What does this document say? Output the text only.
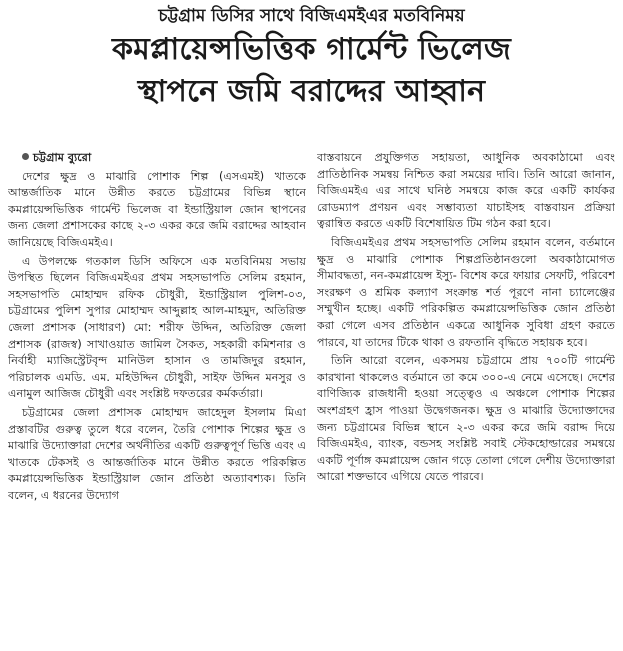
চট্টগ্রাম ডিসির সাথে বিজিএমইএর মতবিনিময়
কমপ্লায়েন্সভিত্তিক গার্মেন্ট ভিলেজ
স্থাপনে জমি বরাদ্দের আহ্বান

চট্টগ্রাম ব্যুরো

দেশের ক্ষুদ্র ও মাঝারি পোশাক শিল্প (এসএমই) খাতকে আন্তর্জাতিক মানে উন্নীত করতে চট্টগ্রামের বিভিন্ন স্থানে কমপ্লায়েন্সভিত্তিক গার্মেন্ট ভিলেজ বা ইন্ডাস্ট্রিয়াল জোন স্থাপনের জন্য জেলা প্রশাসকের কাছে ২-৩ একর করে জমি বরাদ্দের আহবান জানিয়েছে বিজিএমইএ।

এ উপলক্ষে গতকাল ডিসি অফিসে এক মতবিনিময় সভায় উপস্থিত ছিলেন বিজিএমইএর প্রথম সহসভাপতি সেলিম রহমান, সহসভাপতি মোহাম্মদ রফিক চৌধুরী, ইন্ডাস্ট্রিয়াল পুলিশ-০৩, চট্টগ্রামের পুলিশ সুপার মোহাম্মদ আব্দুল্লাহ আল-মাহমুদ, অতিরিক্ত জেলা প্রশাসক (সাধারণ) মো: শরীফ উদ্দিন, অতিরিক্ত জেলা প্রশাসক (রাজস্ব) সাখাওয়াত জামিল সৈকত, সহকারী কমিশনার ও নির্বাহী ম্যাজিস্ট্রেটবৃন্দ মানিউল হাসান ও তামজিদুর রহমান, পরিচালক এমডি. এম. মহিউদ্দিন চৌধুরী, সাইফ উদ্দিন মনসুর ও এনামুল আজিজ চৌধুরী এবং সংশ্লিষ্ট দফতরের কর্মকর্তারা।

চট্টগ্রামের জেলা প্রশাসক মোহাম্মদ জাহেদুল ইসলাম মিএা প্রস্তাবটির গুরুত্ব তুলে ধরে বলেন, তৈরি পোশাক শিল্পের ক্ষুদ্র ও মাঝারি উদ্যোক্তারা দেশের অর্থনীতির একটি গুরুত্বপূর্ণ ভিত্তি এবং এ খাতকে টেকসই ও আন্তর্জাতিক মানে উন্নীত করতে পরিকল্পিত কমপ্লায়েন্সভিত্তিক ইন্ডাস্ট্রিয়াল জোন প্রতিষ্ঠা অত্যাবশ্যক। তিনি বলেন, এ ধরনের উদ্যোগ

বাস্তবায়নে প্রযুক্তিগত সহায়তা, আধুনিক অবকাঠামো এবং প্রাতিষ্ঠানিক সমন্বয় নিশ্চিত করা সময়ের দাবি। তিনি আরো জানান, বিজিএমইএ এর সাথে ঘনিষ্ঠ সমন্বয়ে কাজ করে একটি কার্যকর রোডম্যাপ প্রণয়ন এবং সম্ভাব্যতা যাচাইসহ বাস্তবায়ন প্রক্রিয়া ত্বরান্বিত করতে একটি বিশেষায়িত টিম গঠন করা হবে।

বিজিএমইএর প্রথম সহসভাপতি সেলিম রহমান বলেন, বর্তমানে ক্ষুদ্র ও মাঝারি পোশাক শিল্পপ্রতিষ্ঠানগুলো অবকাঠামোগত সীমাবদ্ধতা, নন-কমপ্লায়েন্স ইস্যু- বিশেষ করে ফায়ার সেফটি, পরিবেশ সংরক্ষণ ও শ্রমিক কল্যাণ সংক্রান্ত শর্ত পূরণে নানা চ্যালেঞ্জের সম্মুখীন হচ্ছে। একটি পরিকল্পিত কমপ্লায়েন্সভিত্তিক জোন প্রতিষ্ঠা করা গেলে এসব প্রতিষ্ঠান একত্রে আধুনিক সুবিধা গ্রহণ করতে পারবে, যা তাদের টিকে থাকা ও রফতানি বৃদ্ধিতে সহায়ক হবে।

তিনি আরো বলেন, একসময় চট্টগ্রামে প্রায় ৭০০টি গার্মেন্ট কারখানা থাকলেও বর্তমানে তা কমে ৩০০-এ নেমে এসেছে। দেশের বাণিজ্যিক রাজধানী হওয়া সত্ত্বেও এ অঞ্চলে পোশাক শিল্পের অংশগ্রহণ হ্রাস পাওয়া উদ্বেগজনক। ক্ষুদ্র ও মাঝারি উদ্যোক্তাদের জন্য চট্টগ্রামের বিভিন্ন স্থানে ২-৩ একর করে জমি বরাদ্দ দিয়ে বিজিএমইএ, ব্যাংক, বন্ডসহ সংশ্লিষ্ট সবাই স্টেকহোল্ডারের সমন্বয়ে একটি পূর্ণাঙ্গ কমপ্লায়েন্স জোন গড়ে তোলা গেলে দেশীয় উদ্যোক্তারা আরো শক্তভাবে এগিয়ে যেতে পারবে।
